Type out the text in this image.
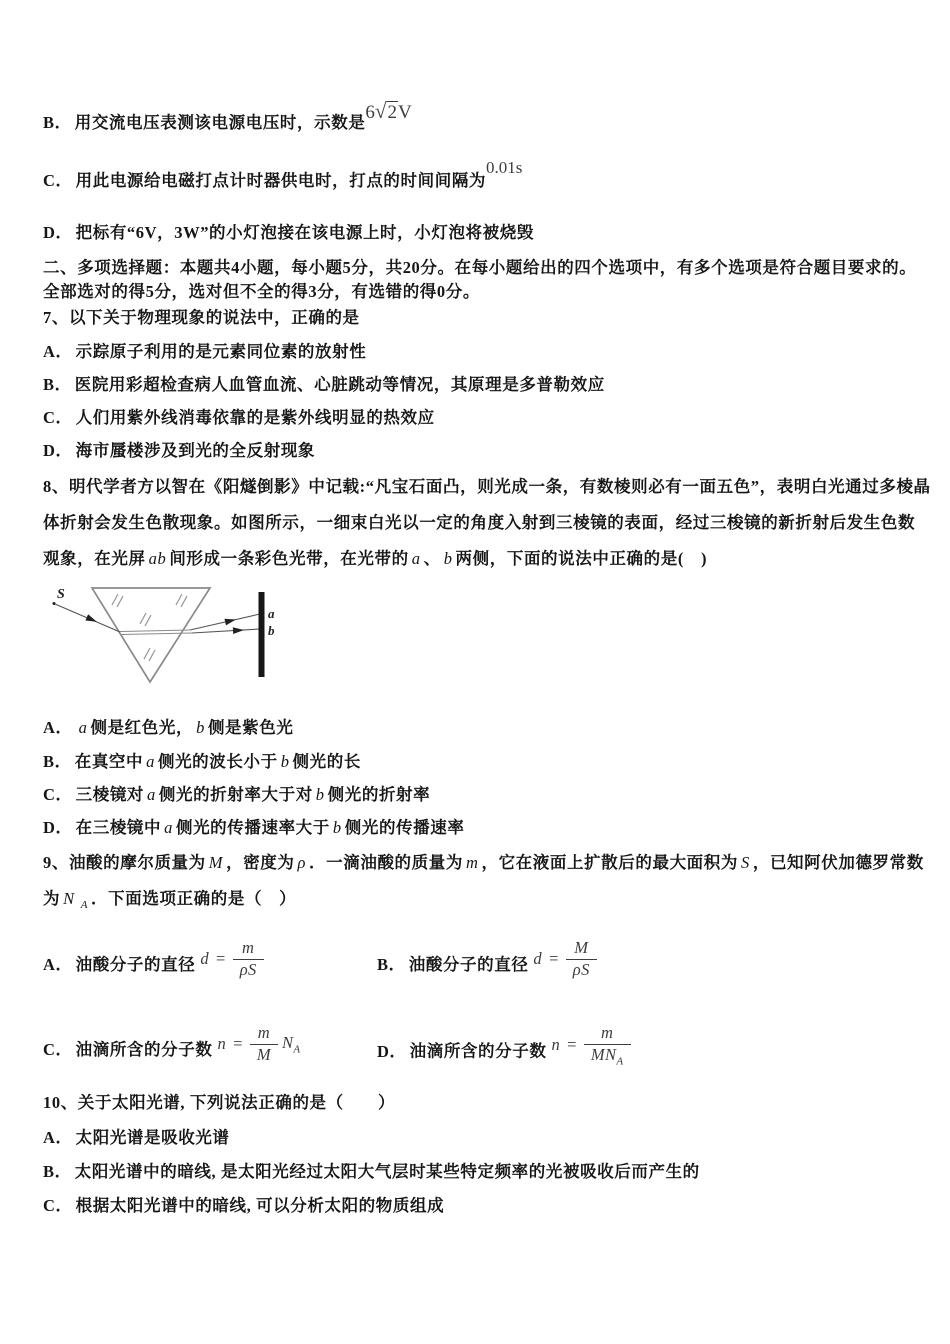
B． 用交流电压表测该电源电压时，示数是6√2V
C． 用此电源给电磁打点计时器供电时，打点的时间间隔为0.01s
D． 把标有“6V，3W”的小灯泡接在该电源上时，小灯泡将被烧毁
二、多项选择题：本题共4小题，每小题5分，共20分。在每小题给出的四个选项中，有多个选项是符合题目要求的。
全部选对的得5分，选对但不全的得3分，有选错的得0分。
7、以下关于物理现象的说法中，正确的是
A． 示踪原子利用的是元素同位素的放射性
B． 医院用彩超检查病人血管血流、心脏跳动等情况，其原理是多普勒效应
C． 人们用紫外线消毒依靠的是紫外线明显的热效应
D． 海市蜃楼涉及到光的全反射现象
8、明代学者方以智在《阳燧倒影》中记载:“凡宝石面凸，则光成一条，有数棱则必有一面五色”，表明白光通过多棱晶
体折射会发生色散现象。如图所示，一细束白光以一定的角度入射到三棱镜的表面，经过三梭镜的新折射后发生色数
观象，在光屏 ab 间形成一条彩色光带，在光带的 a 、 b 两侧，下面的说法中正确的是(　)
S
a
b
A． a 侧是红色光， b 侧是紫色光
B． 在真空中 a 侧光的波长小于 b 侧光的长
C． 三棱镜对 a 侧光的折射率大于对 b 侧光的折射率
D． 在三棱镜中 a 侧光的传播速率大于 b 侧光的传播速率
9、油酸的摩尔质量为 M ，密度为 ρ ．一滴油酸的质量为 m ，它在液面上扩散后的最大面积为 S ，已知阿伏加德罗常数
为 N $_A$ ．下面选项正确的是（　）
A． 油酸分子的直径 $d = \frac{m}{\rho S}$	B． 油酸分子的直径 $d = \frac{M}{\rho S}$
C． 油滴所含的分子数 $n = \frac{m}{M} N_A$	D． 油滴所含的分子数 n =
m
$MN_A$
10、关于太阳光谱, 下列说法正确的是（　　）
A． 太阳光谱是吸收光谱
B． 太阳光谱中的暗线, 是太阳光经过太阳大气层时某些特定频率的光被吸收后而产生的
C． 根据太阳光谱中的暗线, 可以分析太阳的物质组成
